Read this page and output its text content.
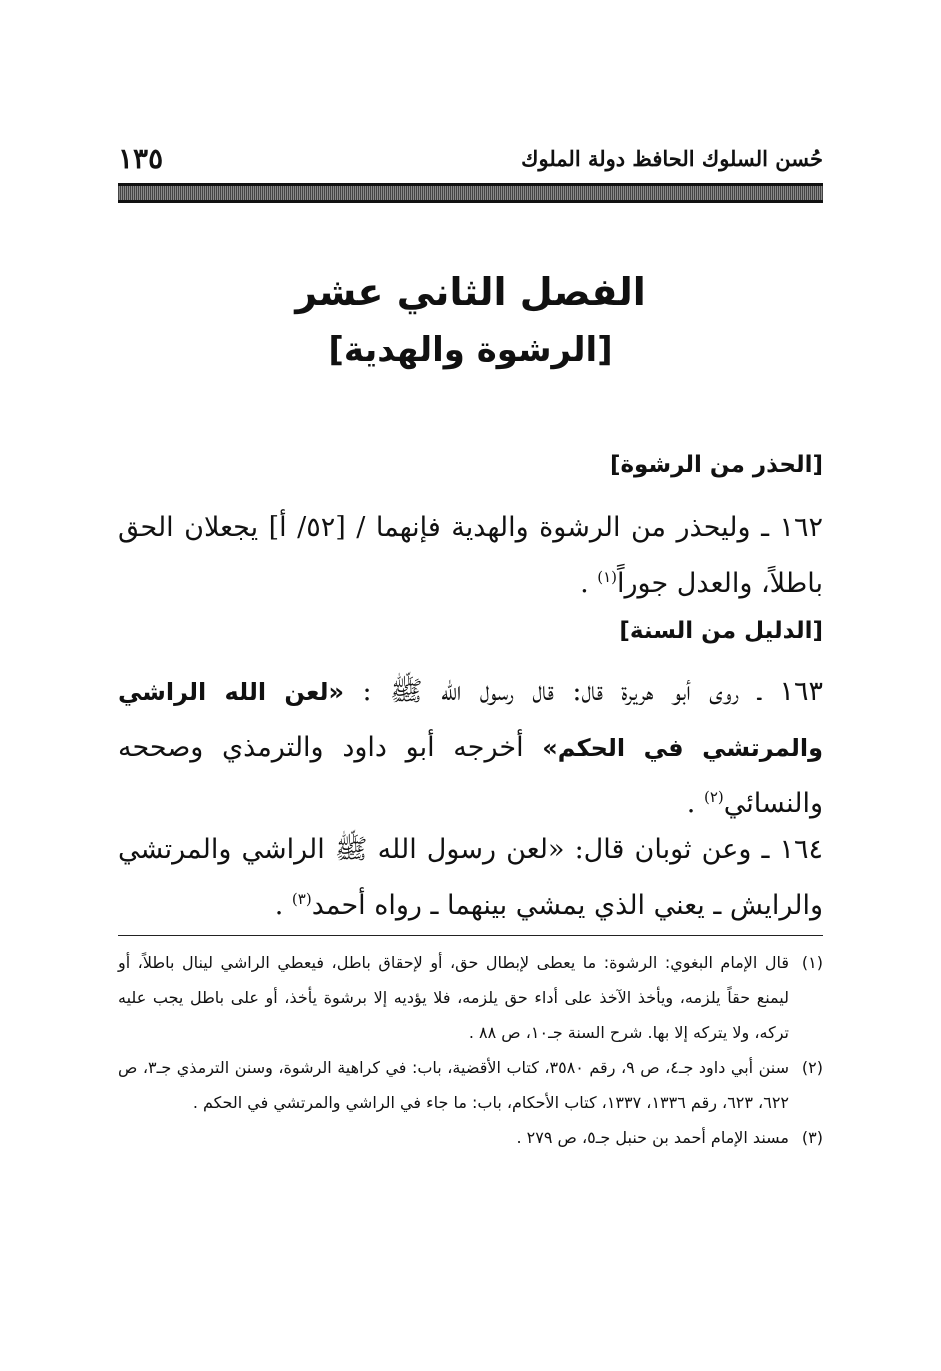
حُسن السلوك الحافظ دولة الملوك
١٣٥
الفصل الثاني عشر
[الرشوة والهدية]
[الحذر من الرشوة]
١٦٢ ـ وليحذر من الرشوة والهدية فإنهما / [٥٢/ أ] يجعلان الحق باطلاً، والعدل جوراً$^{(١)}$ .
[الدليل من السنة]
١٦٣ ـ روى أبو هريرة قال: قال رسول الله ﷺ : «لعن الله الراشي والمرتشي في الحكم» أخرجه أبو داود والترمذي وصححه والنسائي$^{(٢)}$ .
١٦٤ ـ وعن ثوبان قال: «لعن رسول الله ﷺ الراشي والمرتشي والرايش ـ يعني الذي يمشي بينهما ـ رواه أحمد$^{(٣)}$ .
(١)
قال الإمام البغوي: الرشوة: ما يعطى لإبطال حق، أو لإحقاق باطل، فيعطي الراشي لينال باطلاً، أو ليمنع حقاً يلزمه، ويأخذ الآخذ على أداء حق يلزمه، فلا يؤديه إلا برشوة يأخذ، أو على باطل يجب عليه تركه، ولا يتركه إلا بها. شرح السنة جـ١٠، ص ٨٨ .
(٢)
سنن أبي داود جـ٤، ص ٩، رقم ٣٥٨٠، كتاب الأقضية، باب: في كراهية الرشوة، وسنن الترمذي جـ٣، ص ٦٢٢، ٦٢٣، رقم ١٣٣٦، ١٣٣٧، كتاب الأحكام، باب: ما جاء في الراشي والمرتشي في الحكم .
(٣)
مسند الإمام أحمد بن حنبل جـ٥، ص ٢٧٩ .
